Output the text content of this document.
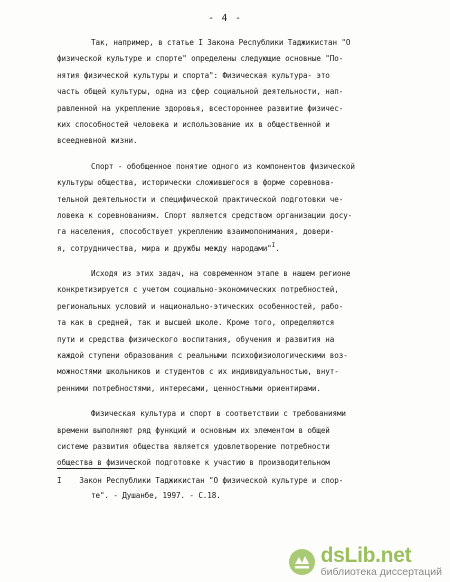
- 4 -
Так, например, в статье I Закона Республики Таджикистан "О
физической культуре и спорте" определены следующие основные "По-
нятия физической культуры и спорта": Физическая культура- это
часть общей культуры, одна из сфер социальной деятельности, нап-
равленной на укрепление здоровья, всестороннее развитие физичес-
ких способностей человека и использование их в общественной и
всеедневной жизни.
Спорт - обобщенное понятие одного из компонентов физической
культуры общества, исторически сложившегося в форме соревнова-
тельной деятельности и специфической практической подготовки че-
ловека к соревнованиям. Спорт является средством организации досу-
га населения, способствует укреплению взаимопонимания, довери-
я, сотрудничества, мира и дружбы между народами"$^I$.
Исходя из этих задач, на современном этапе в нашем регионе
конкретизируется с учетом социально-экономических потребностей,
региональных условий и национально-этических особенностей, рабо-
та как в средней, так и высшей школе. Кроме того, определяются
пути и средства физического воспитания, обучения и развития на
каждой ступени образования с реальными психофизиологическими воз-
можностями школьников и студентов с их индивидуальностью, внут-
ренними потребностями, интересами, ценностными ориентирами.
Физическая культура и спорт в соответствии с требованиями
времени выполняют ряд функций и основным их элементом в общей
системе развития общества является удовлетворение потребности
общества в физической подготовке к участию в производительном
I    Закон Республики Таджикистан "О физической культуре и спор-
те". - Душанбе, 1997. - С.18.
dsLib.net
библиотека диссертаций
